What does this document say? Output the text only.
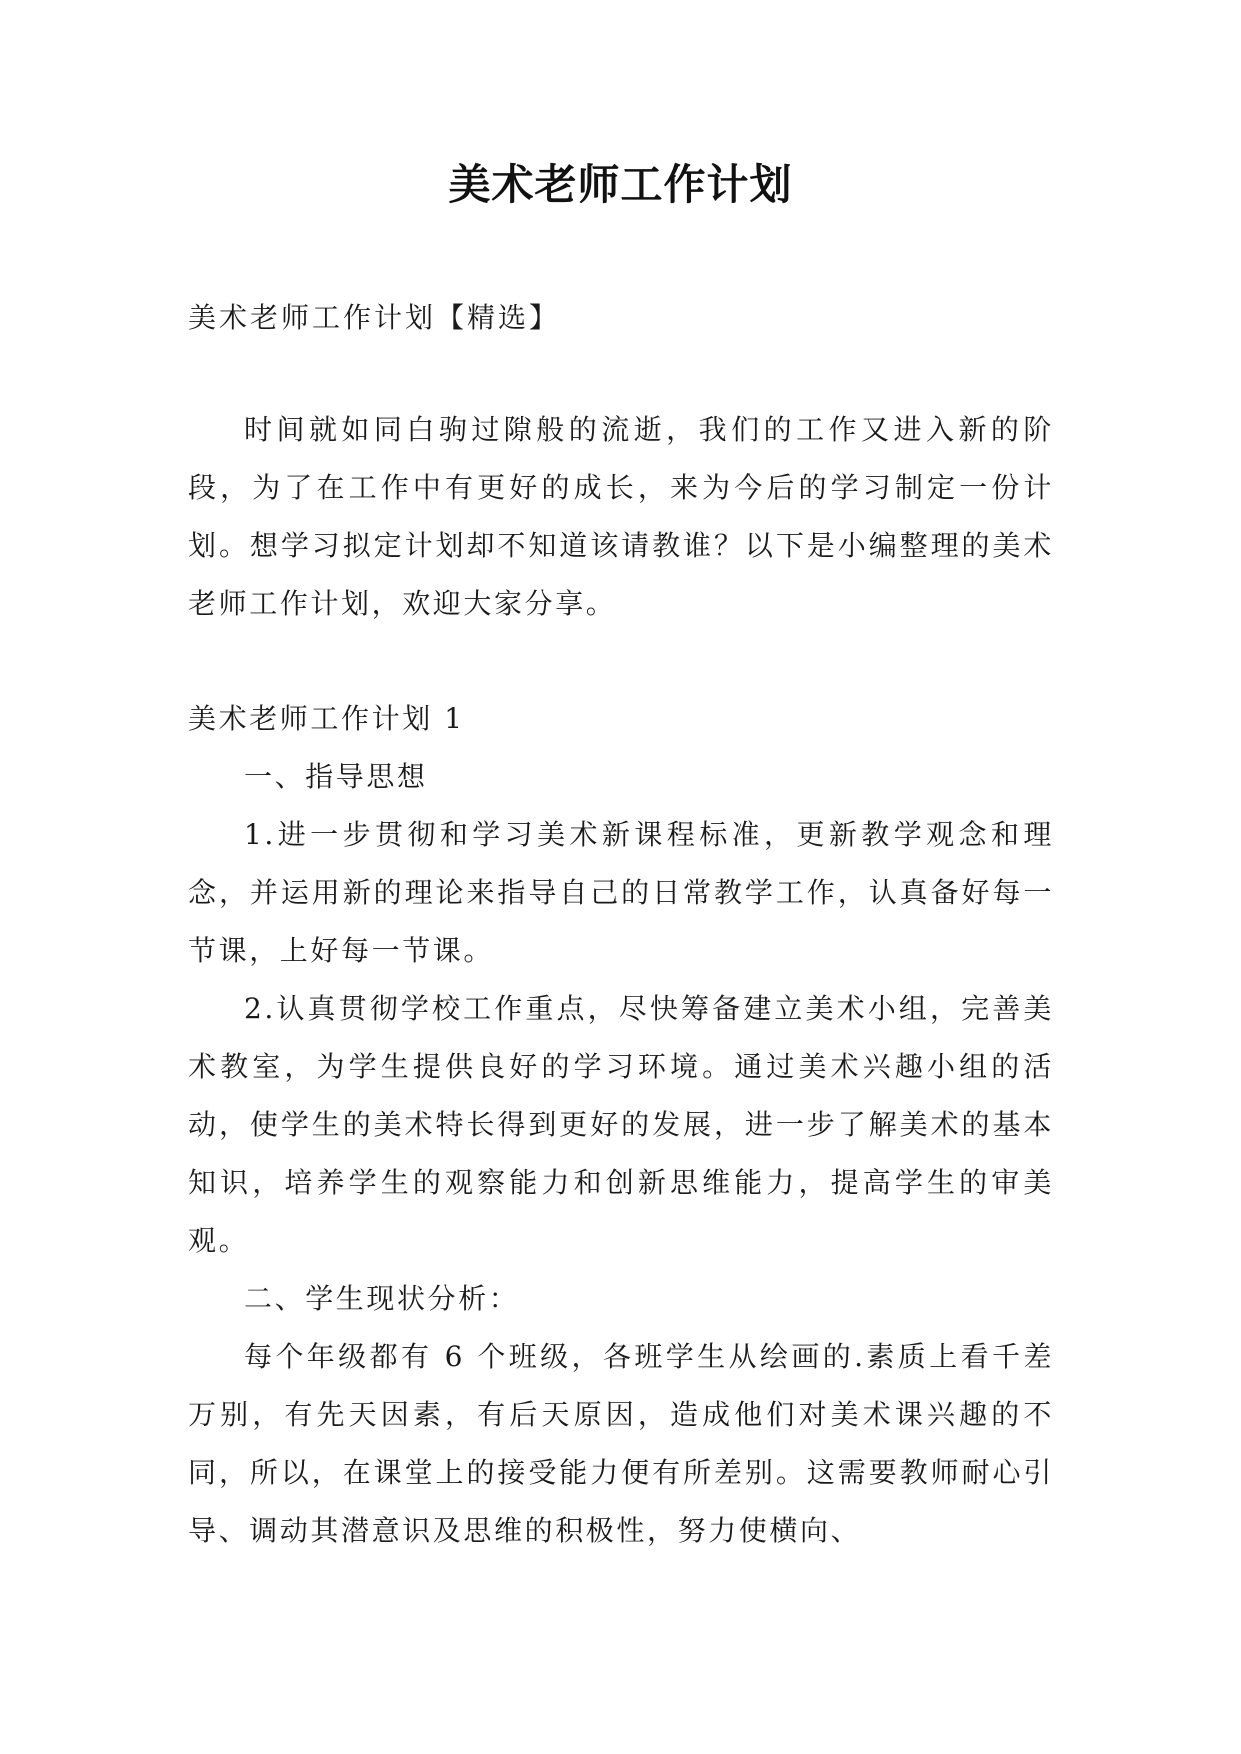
美术老师工作计划

美术老师工作计划【精选】

时间就如同白驹过隙般的流逝，我们的工作又进入新的阶段，为了在工作中有更好的成长，来为今后的学习制定一份计划。想学习拟定计划却不知道该请教谁？以下是小编整理的美术老师工作计划，欢迎大家分享。

美术老师工作计划 1

一、指导思想

1.进一步贯彻和学习美术新课程标准，更新教学观念和理念，并运用新的理论来指导自己的日常教学工作，认真备好每一节课，上好每一节课。

2.认真贯彻学校工作重点，尽快筹备建立美术小组，完善美术教室，为学生提供良好的学习环境。通过美术兴趣小组的活动，使学生的美术特长得到更好的发展，进一步了解美术的基本知识，培养学生的观察能力和创新思维能力，提高学生的审美观。

二、学生现状分析：

每个年级都有 6 个班级，各班学生从绘画的.素质上看千差万别，有先天因素，有后天原因，造成他们对美术课兴趣的不同，所以，在课堂上的接受能力便有所差别。这需要教师耐心引导、调动其潜意识及思维的积极性，努力使横向、
